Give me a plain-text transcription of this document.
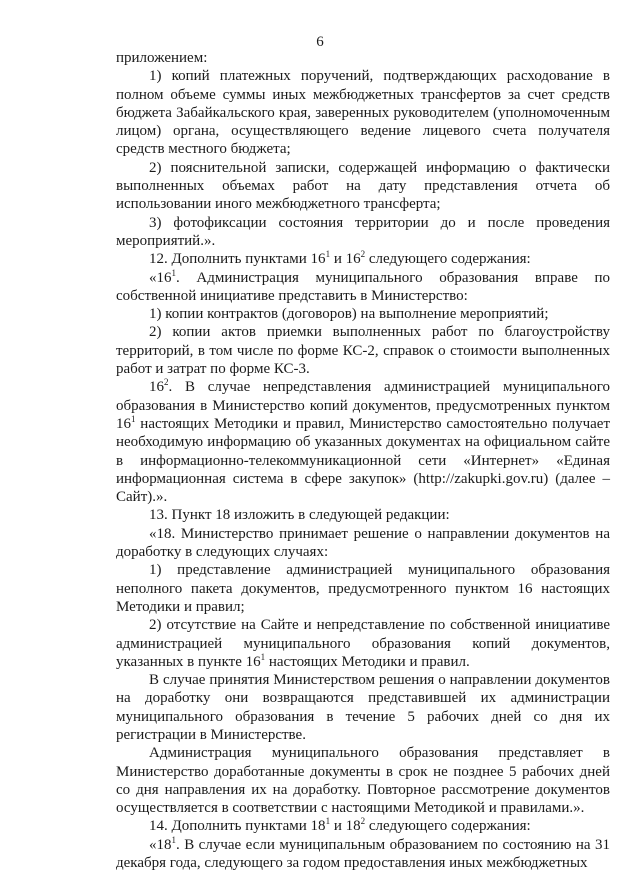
6

приложением:

1) копий платежных поручений, подтверждающих расходование в полном объеме суммы иных межбюджетных трансфертов за счет средств бюджета Забайкальского края, заверенных руководителем (уполномоченным лицом) органа, осуществляющего ведение лицевого счета получателя средств местного бюджета;

2) пояснительной записки, содержащей информацию о фактически выполненных объемах работ на дату представления отчета об использовании иного межбюджетного трансферта;

3) фотофиксации состояния территории до и после проведения мероприятий.».

12. Дополнить пунктами $16^1$ и $16^2$ следующего содержания:

«$16^1$. Администрация муниципального образования вправе по собственной инициативе представить в Министерство:

1) копии контрактов (договоров) на выполнение мероприятий;

2) копии актов приемки выполненных работ по благоустройству территорий, в том числе по форме КС-2, справок о стоимости выполненных работ и затрат по форме КС-3.

$16^2$. В случае непредставления администрацией муниципального образования в Министерство копий документов, предусмотренных пунктом $16^1$ настоящих Методики и правил, Министерство самостоятельно получает необходимую информацию об указанных документах на официальном сайте в информационно-телекоммуникационной сети «Интернет» «Единая информационная система в сфере закупок» (http://zakupki.gov.ru) (далее – Сайт).».

13. Пункт 18 изложить в следующей редакции:

«18. Министерство принимает решение о направлении документов на доработку в следующих случаях:

1) представление администрацией муниципального образования неполного пакета документов, предусмотренного пунктом 16 настоящих Методики и правил;

2) отсутствие на Сайте и непредставление по собственной инициативе администрацией муниципального образования копий документов, указанных в пункте $16^1$ настоящих Методики и правил.

В случае принятия Министерством решения о направлении документов на доработку они возвращаются представившей их администрации муниципального образования в течение 5 рабочих дней со дня их регистрации в Министерстве.

Администрация муниципального образования представляет в Министерство доработанные документы в срок не позднее 5 рабочих дней со дня направления их на доработку. Повторное рассмотрение документов осуществляется в соответствии с настоящими Методикой и правилами.».

14. Дополнить пунктами $18^1$ и $18^2$ следующего содержания:

«$18^1$. В случае если муниципальным образованием по состоянию на 31 декабря года, следующего за годом предоставления иных межбюджетных
